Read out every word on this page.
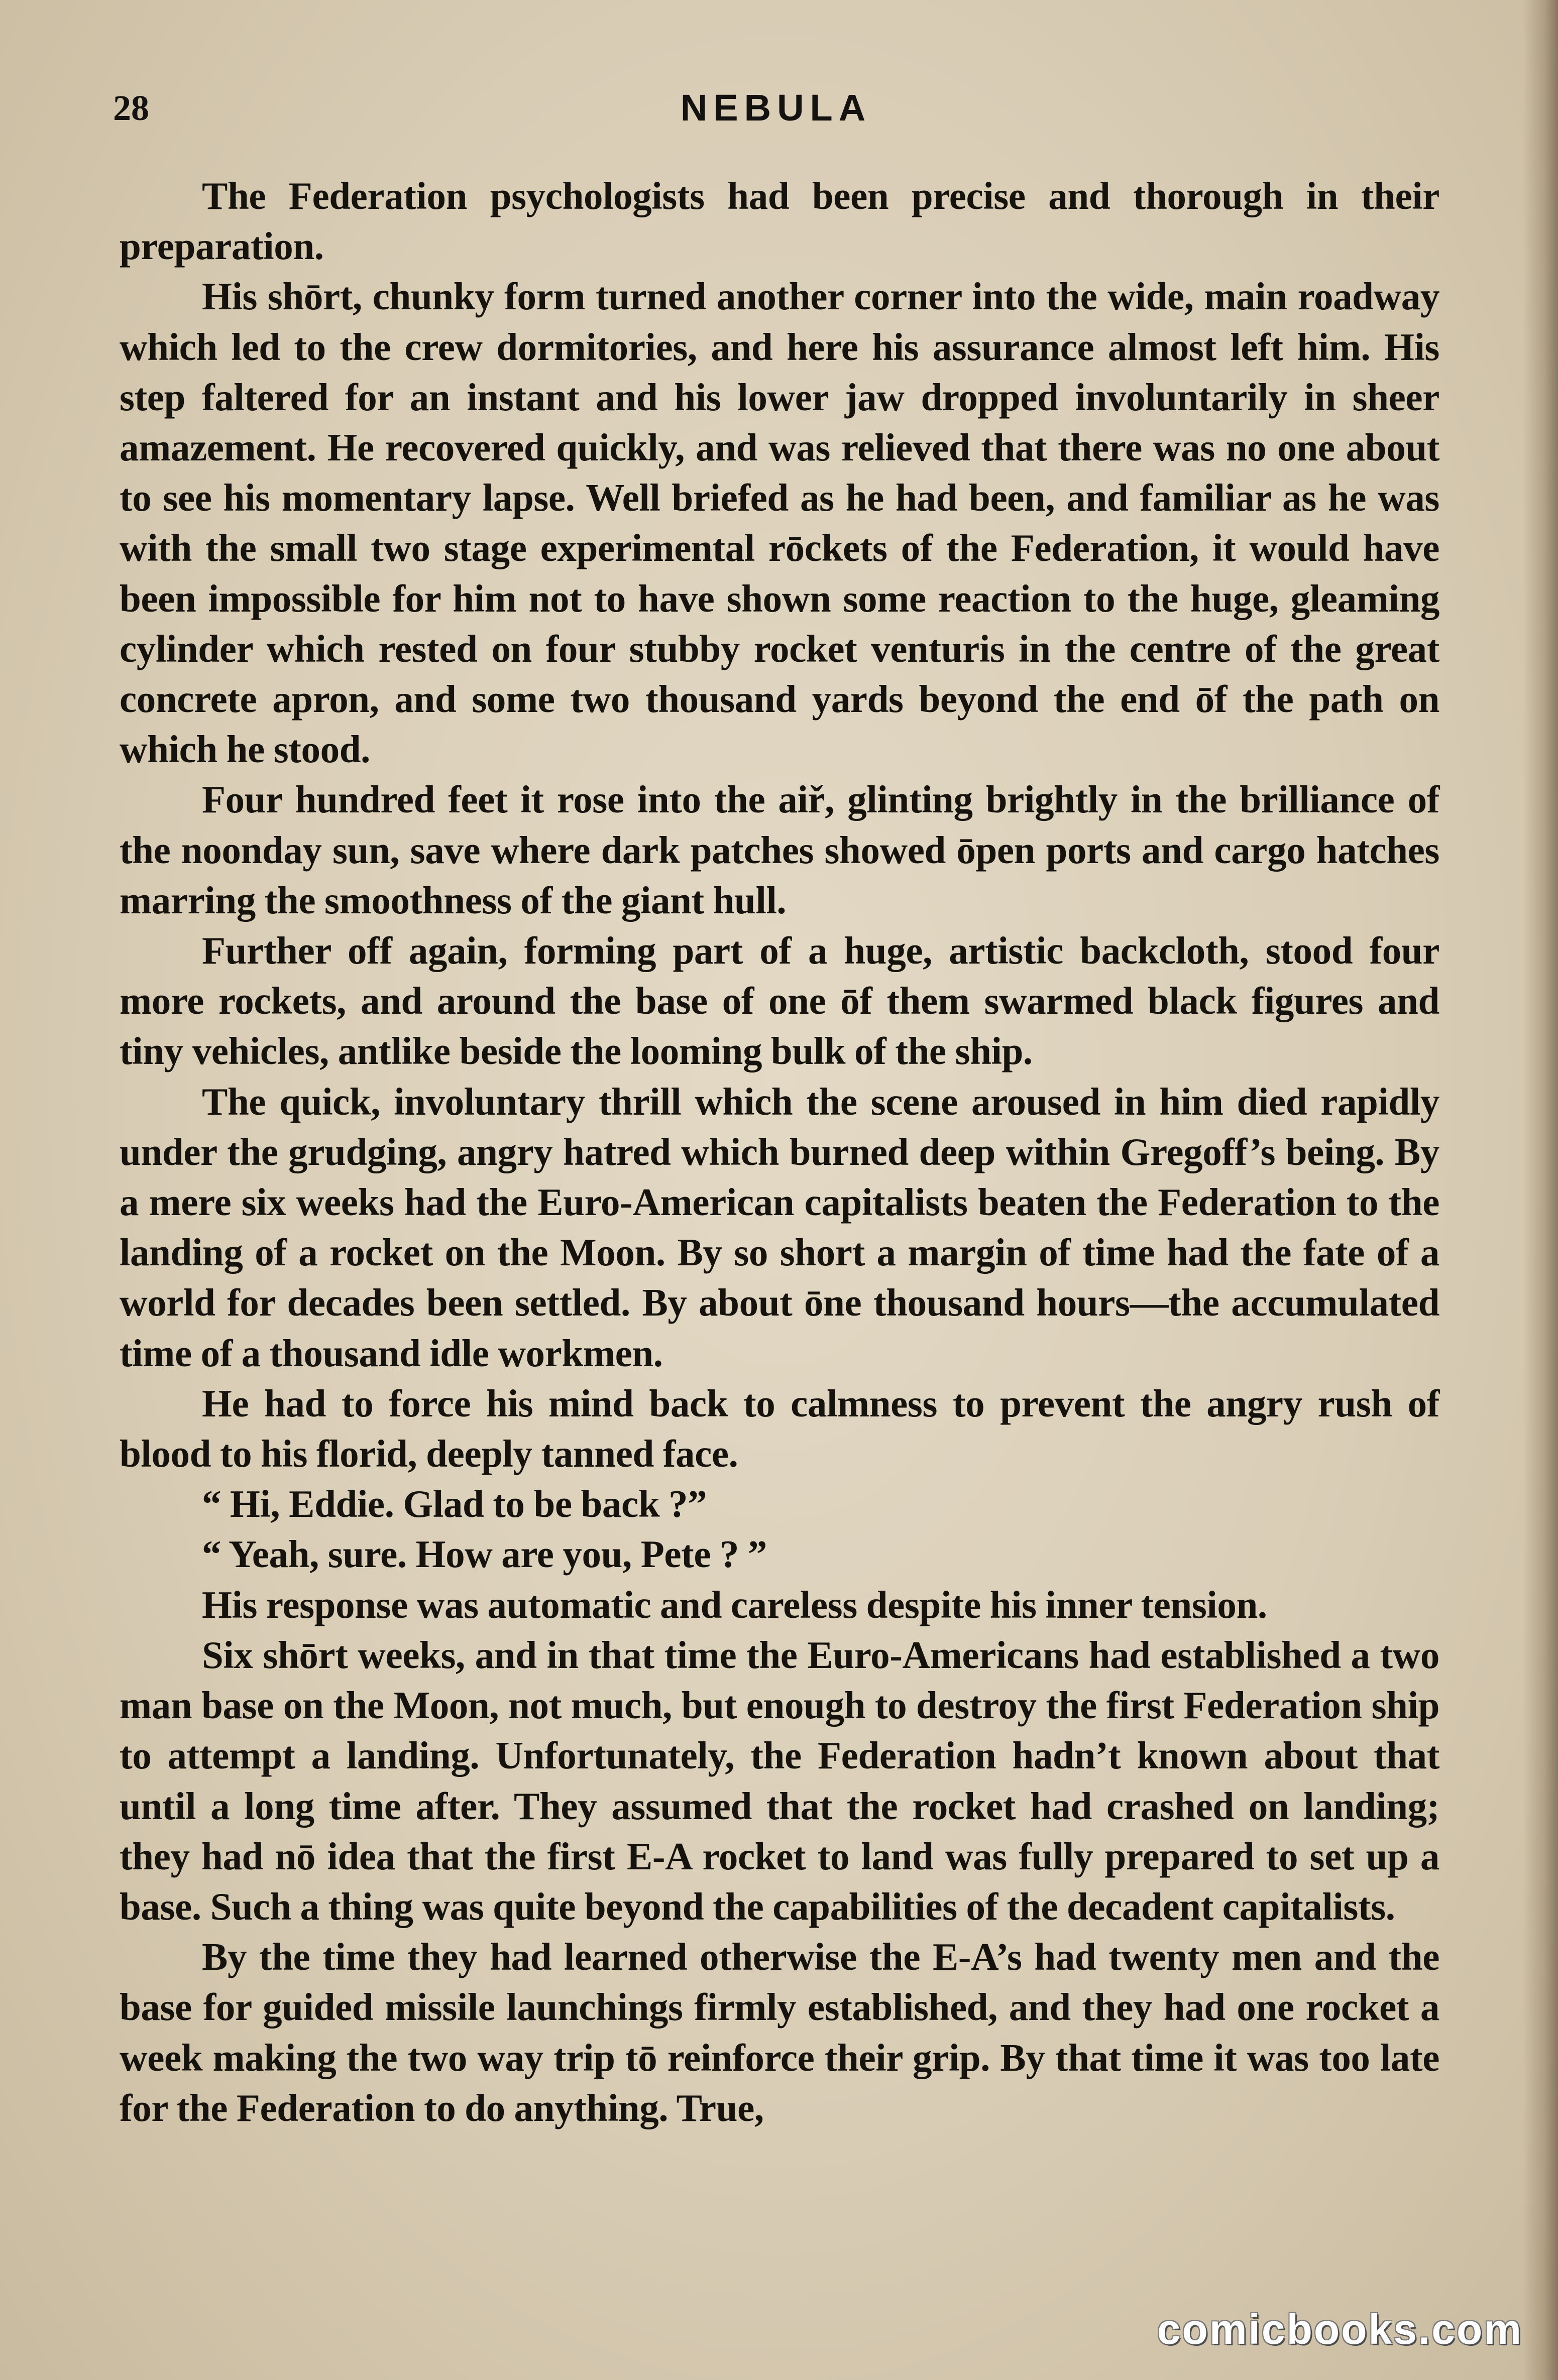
28	NEBULA

The Federation psychologists had been precise and thorough in their preparation.

His shōrt, chunky form turned another corner into the wide, main roadway which led to the crew dormitories, and here his assurance almost left him. His step faltered for an instant and his lower jaw dropped involuntarily in sheer amazement. He recovered quickly, and was relieved that there was no one about to see his momentary lapse. Well briefed as he had been, and familiar as he was with the small two stage experimental rōckets of the Federation, it would have been impossible for him not to have shown some reaction to the huge, gleaming cylinder which rested on four stubby rocket venturis in the centre of the great concrete apron, and some two thousand yards beyond the end ōf the path on which he stood.

Four hundred feet it rose into the aiř, glinting brightly in the brilliance of the noonday sun, save where dark patches showed ōpen ports and cargo hatches marring the smoothness of the giant hull.

Further off again, forming part of a huge, artistic backcloth, stood four more rockets, and around the base of one ōf them swarmed black figures and tiny vehicles, antlike beside the looming bulk of the ship.

The quick, involuntary thrill which the scene aroused in him died rapidly under the grudging, angry hatred which burned deep within Gregoff’s being. By a mere six weeks had the Euro-American capitalists beaten the Federation to the landing of a rocket on the Moon. By so short a margin of time had the fate of a world for decades been settled. By about ōne thousand hours—the accumulated time of a thousand idle workmen.

He had to force his mind back to calmness to prevent the angry rush of blood to his florid, deeply tanned face.

“ Hi, Eddie. Glad to be back ?”

“ Yeah, sure. How are you, Pete ? ”

His response was automatic and careless despite his inner tension.

Six shōrt weeks, and in that time the Euro-Americans had established a two man base on the Moon, not much, but enough to destroy the first Federation ship to attempt a landing. Unfortunately, the Federation hadn’t known about that until a long time after. They assumed that the rocket had crashed on landing; they had nō idea that the first E-A rocket to land was fully prepared to set up a base. Such a thing was quite beyond the capabilities of the decadent capitalists.

By the time they had learned otherwise the E-A’s had twenty men and the base for guided missile launchings firmly established, and they had one rocket a week making the two way trip tō reinforce their grip. By that time it was too late for the Federation to do anything. True,

comicbooks.com
